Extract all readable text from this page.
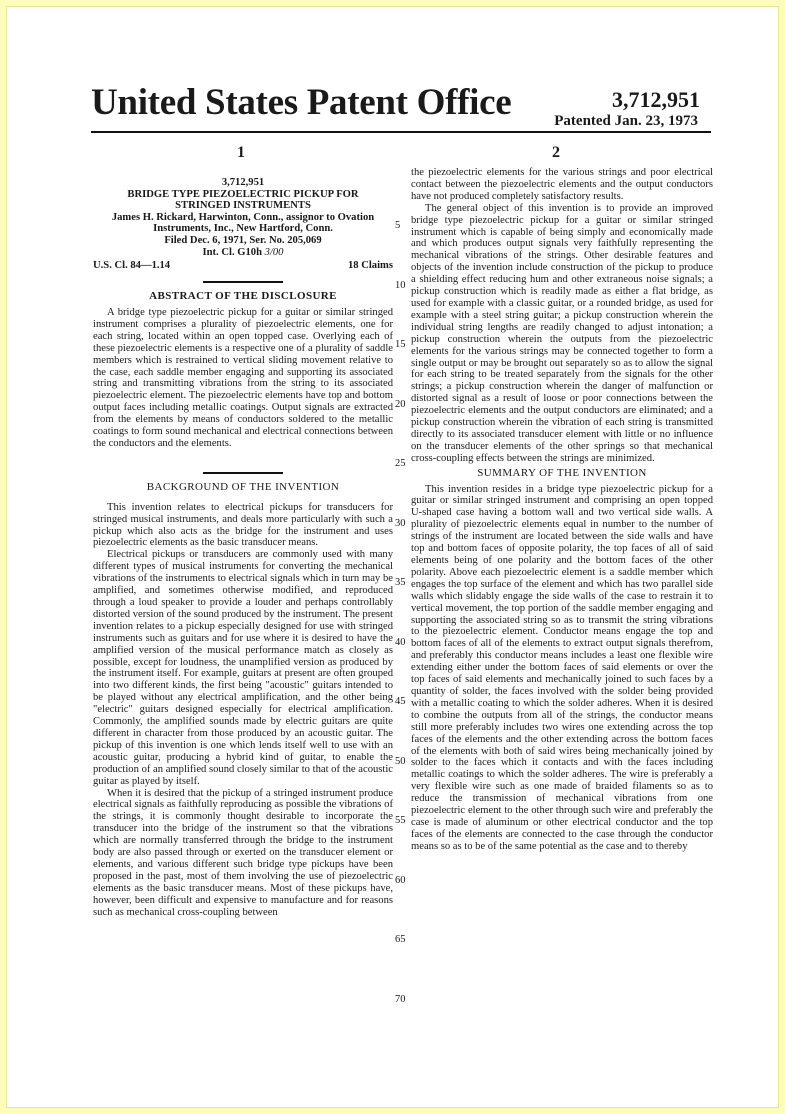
United States Patent Office	3,712,951
Patented Jan. 23, 1973
1	2
3,712,951
BRIDGE TYPE PIEZOELECTRIC PICKUP FOR
STRINGED INSTRUMENTS
James H. Rickard, Harwinton, Conn., assignor to Ovation
Instruments, Inc., New Hartford, Conn.
Filed Dec. 6, 1971, Ser. No. 205,069
Int. Cl. G10h 3/00
U.S. Cl. 84—1.14	18 Claims
ABSTRACT OF THE DISCLOSURE

A bridge type piezoelectric pickup for a guitar or similar stringed instrument comprises a plurality of piezoelectric elements, one for each string, located within an open topped case. Overlying each of these piezoelectric elements is a respective one of a plurality of saddle members which is restrained to vertical sliding movement relative to the case, each saddle member engaging and supporting its associated string and transmitting vibrations from the string to its associated piezoelectric element. The piezoelectric elements have top and bottom output faces including metallic coatings. Output signals are extracted from the elements by means of conductors soldered to the metallic coatings to form sound mechanical and electrical connections between the conductors and the elements.

BACKGROUND OF THE INVENTION

This invention relates to electrical pickups for transducers for stringed musical instruments, and deals more particularly with such a pickup which also acts as the bridge for the instrument and uses piezoelectric elements as the basic transducer means.

Electrical pickups or transducers are commonly used with many different types of musical instruments for converting the mechanical vibrations of the instruments to electrical signals which in turn may be amplified, and sometimes otherwise modified, and reproduced through a loud speaker to provide a louder and perhaps controllably distorted version of the sound produced by the instrument. The present invention relates to a pickup especially designed for use with stringed instruments such as guitars and for use where it is desired to have the amplified version of the musical performance match as closely as possible, except for loudness, the unamplified version as produced by the instrument itself. For example, guitars at present are often grouped into two different kinds, the first being "acoustic" guitars intended to be played without any electrical amplification, and the other being "electric" guitars designed especially for electrical amplification. Commonly, the amplified sounds made by electric guitars are quite different in character from those produced by an acoustic guitar. The pickup of this invention is one which lends itself well to use with an acoustic guitar, producing a hybrid kind of guitar, to enable the production of an amplified sound closely similar to that of the acoustic guitar as played by itself.

When it is desired that the pickup of a stringed instrument produce electrical signals as faithfully reproducing as possible the vibrations of the strings, it is commonly thought desirable to incorporate the transducer into the bridge of the instrument so that the vibrations which are normally transferred through the bridge to the instrument body are also passed through or exerted on the transducer element or elements, and various different such bridge type pickups have been proposed in the past, most of them involving the use of piezoelectric elements as the basic transducer means. Most of these pickups have, however, been difficult and expensive to manufacture and for reasons such as mechanical cross-coupling between

5
10
15
20
25
30
35
40
45
50
55
60
65
70

the piezoelectric elements for the various strings and poor electrical contact between the piezoelectric elements and the output conductors have not produced completely satisfactory results.

The general object of this invention is to provide an improved bridge type piezoelectric pickup for a guitar or similar stringed instrument which is capable of being simply and economically made and which produces output signals very faithfully representing the mechanical vibrations of the strings. Other desirable features and objects of the invention include construction of the pickup to produce a shielding effect reducing hum and other extraneous noise signals; a pickup construction which is readily made as either a flat bridge, as used for example with a classic guitar, or a rounded bridge, as used for example with a steel string guitar; a pickup construction wherein the individual string lengths are readily changed to adjust intonation; a pickup construction wherein the outputs from the piezoelectric elements for the various strings may be connected together to form a single output or may be brought out separately so as to allow the signal for each string to be treated separately from the signals for the other strings; a pickup construction wherein the danger of malfunction or distorted signal as a result of loose or poor connections between the piezoelectric elements and the output conductors are eliminated; and a pickup construction wherein the vibration of each string is transmitted directly to its associated transducer element with little or no influence on the transducer elements of the other springs so that mechanical cross-coupling effects between the strings are minimized.

SUMMARY OF THE INVENTION

This invention resides in a bridge type piezoelectric pickup for a guitar or similar stringed instrument and comprising an open topped U-shaped case having a bottom wall and two vertical side walls. A plurality of piezoelectric elements equal in number to the number of strings of the instrument are located between the side walls and have top and bottom faces of opposite polarity, the top faces of all of said elements being of one polarity and the bottom faces of the other polarity. Above each piezoelectric element is a saddle member which engages the top surface of the element and which has two parallel side walls which slidably engage the side walls of the case to restrain it to vertical movement, the top portion of the saddle member engaging and supporting the associated string so as to transmit the string vibrations to the piezoelectric element. Conductor means engage the top and bottom faces of all of the elements to extract output signals therefrom, and preferably this conductor means includes a least one flexible wire extending either under the bottom faces of said elements or over the top faces of said elements and mechanically joined to such faces by a quantity of solder, the faces involved with the solder being provided with a metallic coating to which the solder adheres. When it is desired to combine the outputs from all of the strings, the conductor means still more preferably includes two wires one extending across the top faces of the elements and the other extending across the bottom faces of the elements with both of said wires being mechanically joined by solder to the faces which it contacts and with the faces including metallic coatings to which the solder adheres. The wire is preferably a very flexible wire such as one made of braided filaments so as to reduce the transmission of mechanical vibrations from one piezoelectric element to the other through such wire and preferably the case is made of aluminum or other electrical conductor and the top faces of the elements are connected to the case through the conductor means so as to be of the same potential as the case and to thereby
